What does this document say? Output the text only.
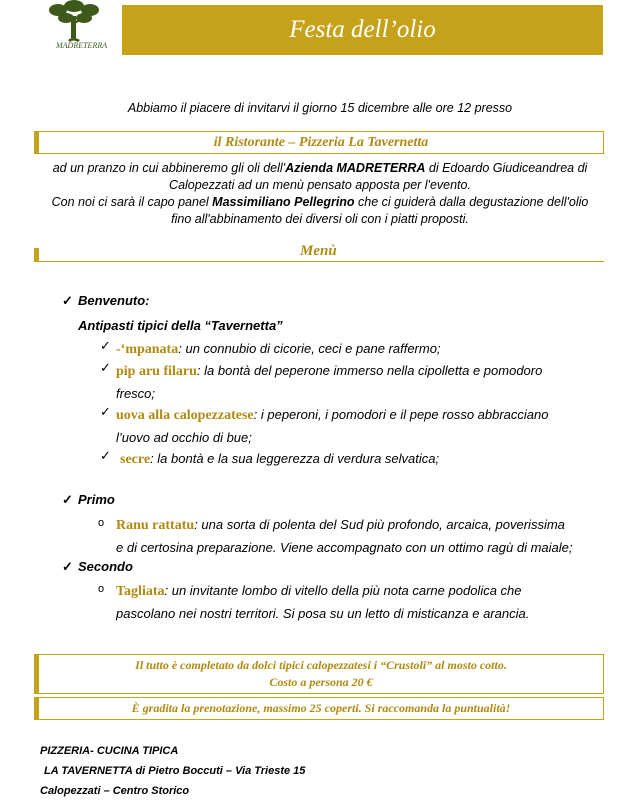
MADRETERRA
Festa dell’olio
Abbiamo il piacere di invitarvi il giorno 15 dicembre alle ore 12 presso
il Ristorante – Pizzeria La Tavernetta
ad un pranzo in cui abbineremo gli oli dell'Azienda MADRETERRA di Edoardo Giudiceandrea di
Calopezzati ad un menù pensato apposta per l'evento.
Con noi ci sarà il capo panel Massimiliano Pellegrino che ci guiderà dalla degustazione dell'olio
fino all'abbinamento dei diversi oli con i piatti proposti.
Menù
✓ Benvenuto:
Antipasti tipici della “Tavernetta”
✓ -‘mpanata: un connubio di cicorie, ceci e pane raffermo;
✓ pip aru filaru: la bontà del peperone immerso nella cipolletta e pomodoro
fresco;
✓ uova alla calopezzatese: i peperoni, i pomodori e il pepe rosso abbracciano
l’uovo ad occhio di bue;
✓ secre: la bontà e la sua leggerezza di verdura selvatica;
✓ Primo
o Ranu rattatu: una sorta di polenta del Sud più profondo, arcaica, poverissima
e di certosina preparazione. Viene accompagnato con un ottimo ragù di maiale;
✓ Secondo
o Tagliata: un invitante lombo di vitello della più nota carne podolica che
pascolano nei nostri territori. Si posa su un letto di misticanza e arancia.
Il tutto è completato da dolci tipici calopezzatesi i “Crustoli” al mosto cotto.
Costo a persona 20 €
È gradita la prenotazione, massimo 25 coperti. Si raccomanda la puntualità!
PIZZERIA- CUCINA TIPICA
LA TAVERNETTA di Pietro Boccuti – Via Trieste 15
Calopezzati – Centro Storico
